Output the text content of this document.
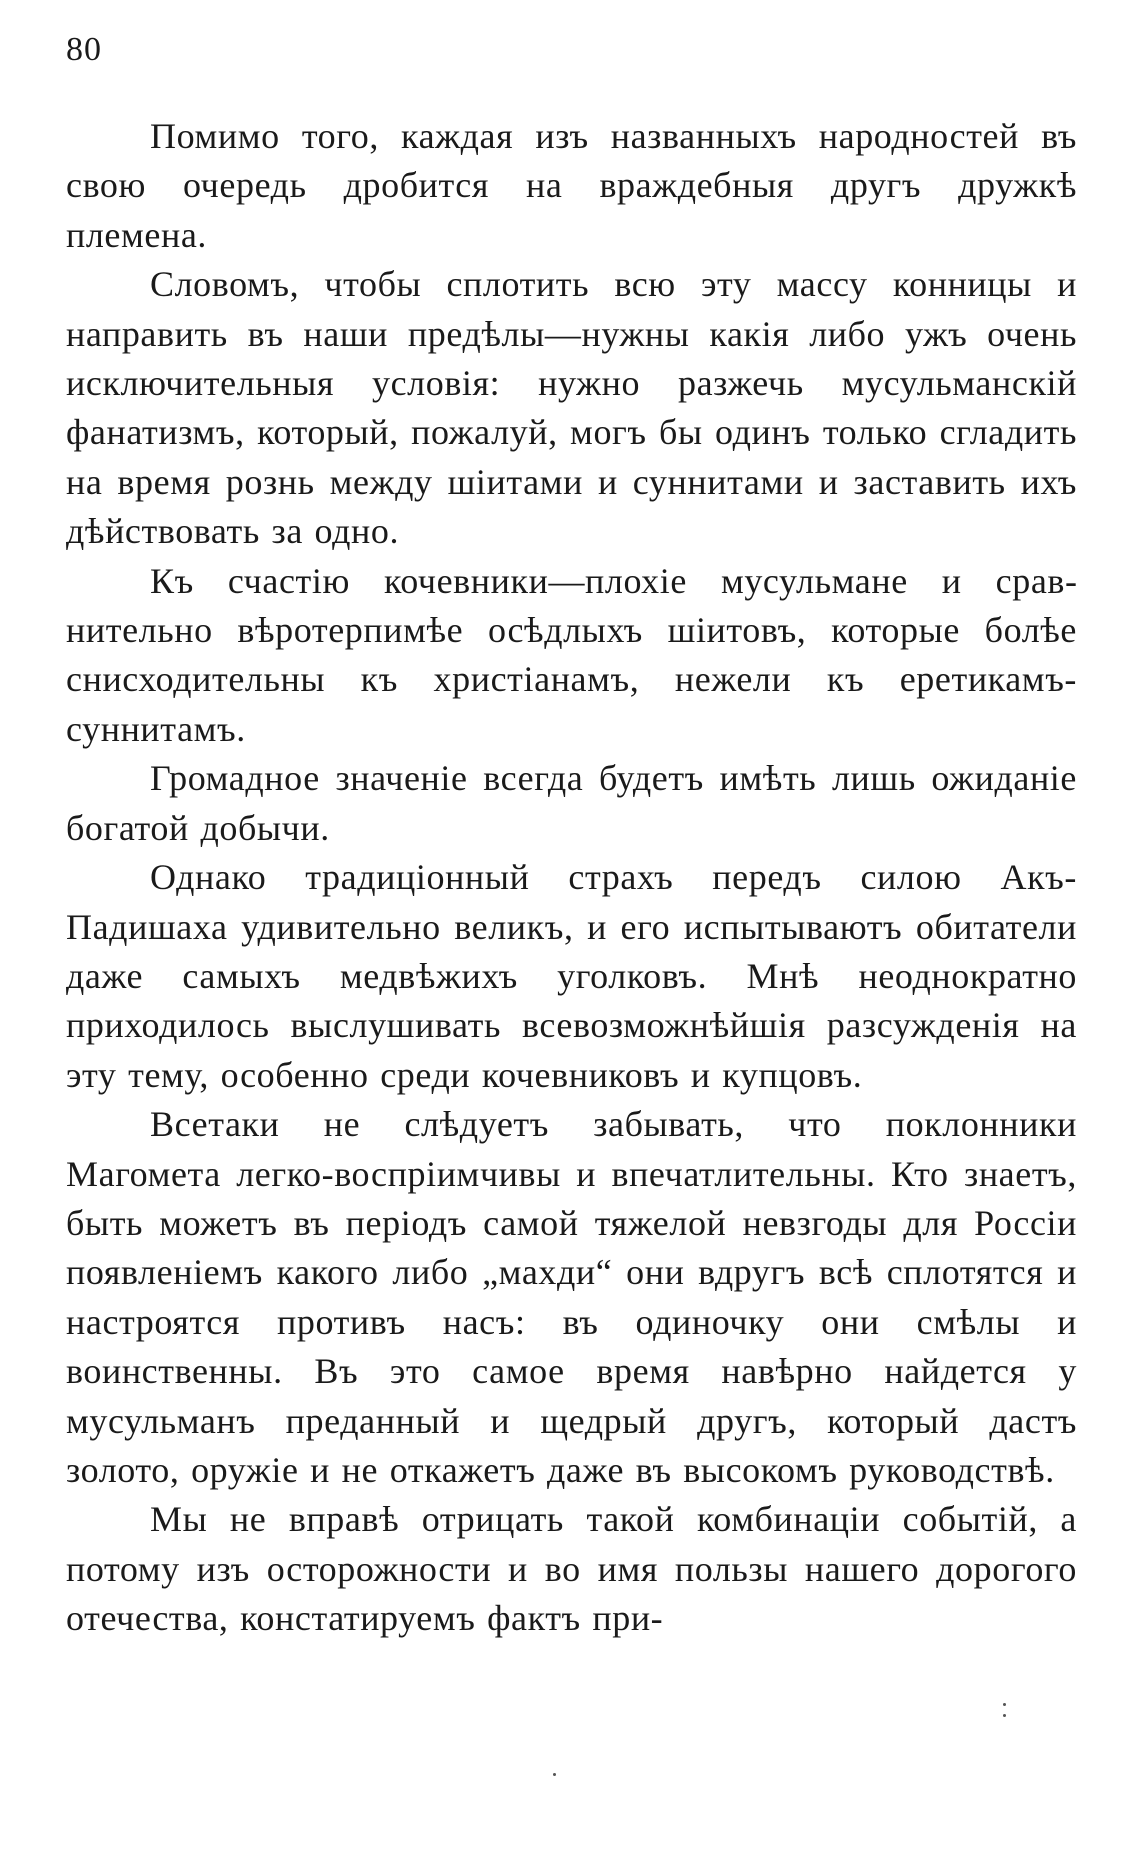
80

Помимо того, каждая изъ названныхъ народностей въ свою очередь дробится на враждебныя другъ дружкѣ племена.

Словомъ, чтобы сплотить всю эту массу конницы и направить въ наши предѣлы—нужны какія либо ужъ очень исключительныя условія: нужно разжечь мусульманскій фанатизмъ, который, пожалуй, могъ бы одинъ только сгладить на время рознь между шіитами и суннитами и заставить ихъ дѣйствовать за одно.

Къ счастію кочевники—плохіе мусульмане и сравнительно вѣротерпимѣе осѣдлыхъ шіитовъ, которые болѣе снисходительны къ христіанамъ, нежели къ еретикамъ-суннитамъ.

Громадное значеніе всегда будетъ имѣть лишь ожиданіе богатой добычи.

Однако традиціонный страхъ передъ силою Акъ-Падишаха удивительно великъ, и его испытываютъ обитатели даже самыхъ медвѣжихъ уголковъ. Мнѣ неоднократно приходилось выслушивать всевозможнѣйшія разсужденія на эту тему, особенно среди кочевниковъ и купцовъ.

Всетаки не слѣдуетъ забывать, что поклонники Магомета легко-воспріимчивы и впечатлительны. Кто знаетъ, быть можетъ въ періодъ самой тяжелой невзгоды для Россіи появленіемъ какого либо „махди“ они вдругъ всѣ сплотятся и настроятся противъ насъ: въ одиночку они смѣлы и воинственны. Въ это самое время навѣрно найдется у мусульманъ преданный и щедрый другъ, который дастъ золото, оружіе и не откажетъ даже въ высокомъ руководствѣ.

Мы не вправѣ отрицать такой комбинаціи событій, а потому изъ осторожности и во имя пользы нашего дорогого отечества, констатируемъ фактъ при-
